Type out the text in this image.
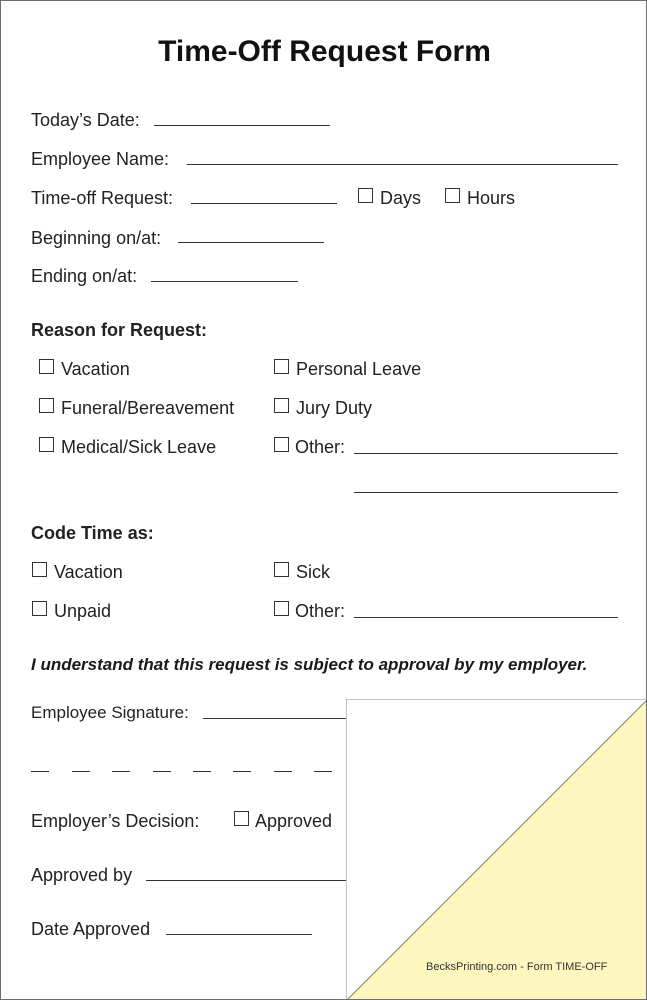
Time-Off Request Form
Today’s Date:
Employee Name:
Time-off Request:	Days	Hours
Beginning on/at:
Ending on/at:
Reason for Request:
Vacation	Personal Leave
Funeral/Bereavement	Jury Duty
Medical/Sick Leave	Other:
Code Time as:
Vacation	Sick
Unpaid	Other:
I understand that this request is subject to approval by my employer.
Employee Signature:
Employer’s Decision:	Approved
Approved by
Date Approved
BecksPrinting.com - Form TIME-OFF
